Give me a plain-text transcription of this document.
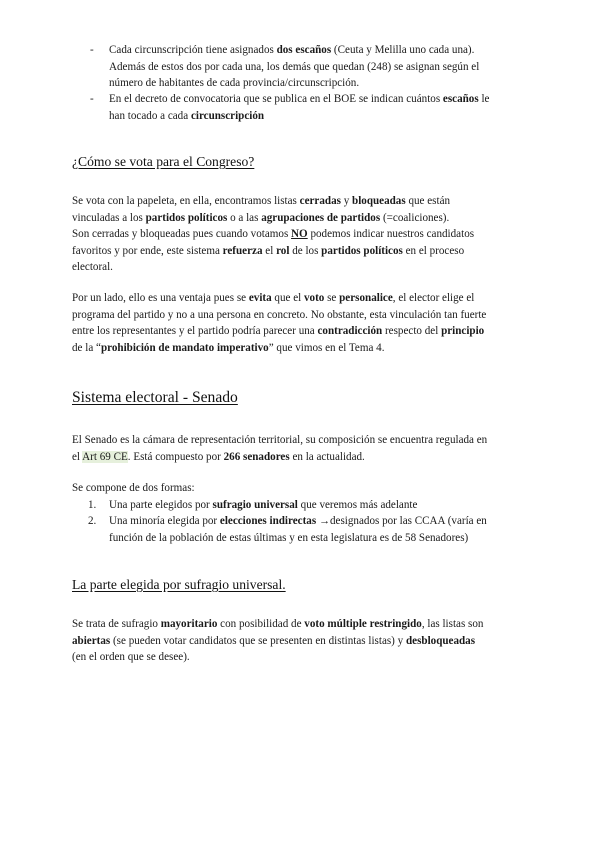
- Cada circunscripción tiene asignados dos escaños (Ceuta y Melilla uno cada una).
Además de estos dos por cada una, los demás que quedan (248) se asignan según el
número de habitantes de cada provincia/circunscripción.

- En el decreto de convocatoria que se publica en el BOE se indican cuántos escaños le
han tocado a cada circunscripción

¿Cómo se vota para el Congreso?

Se vota con la papeleta, en ella, encontramos listas cerradas y bloqueadas que están
vinculadas a los partidos políticos o a las agrupaciones de partidos (=coaliciones).
Son cerradas y bloqueadas pues cuando votamos NO podemos indicar nuestros candidatos
favoritos y por ende, este sistema refuerza el rol de los partidos políticos en el proceso
electoral.

Por un lado, ello es una ventaja pues se evita que el voto se personalice, el elector elige el
programa del partido y no a una persona en concreto. No obstante, esta vinculación tan fuerte
entre los representantes y el partido podría parecer una contradicción respecto del principio
de la “prohibición de mandato imperativo” que vimos en el Tema 4.

Sistema electoral - Senado

El Senado es la cámara de representación territorial, su composición se encuentra regulada en
el Art 69 CE. Está compuesto por 266 senadores en la actualidad.

Se compone de dos formas:

1. Una parte elegidos por sufragio universal que veremos más adelante

2. Una minoría elegida por elecciones indirectas →designados por las CCAA (varía en
función de la población de estas últimas y en esta legislatura es de 58 Senadores)

La parte elegida por sufragio universal.

Se trata de sufragio mayoritario con posibilidad de voto múltiple restringido, las listas son
abiertas (se pueden votar candidatos que se presenten en distintas listas) y desbloqueadas
(en el orden que se desee).
